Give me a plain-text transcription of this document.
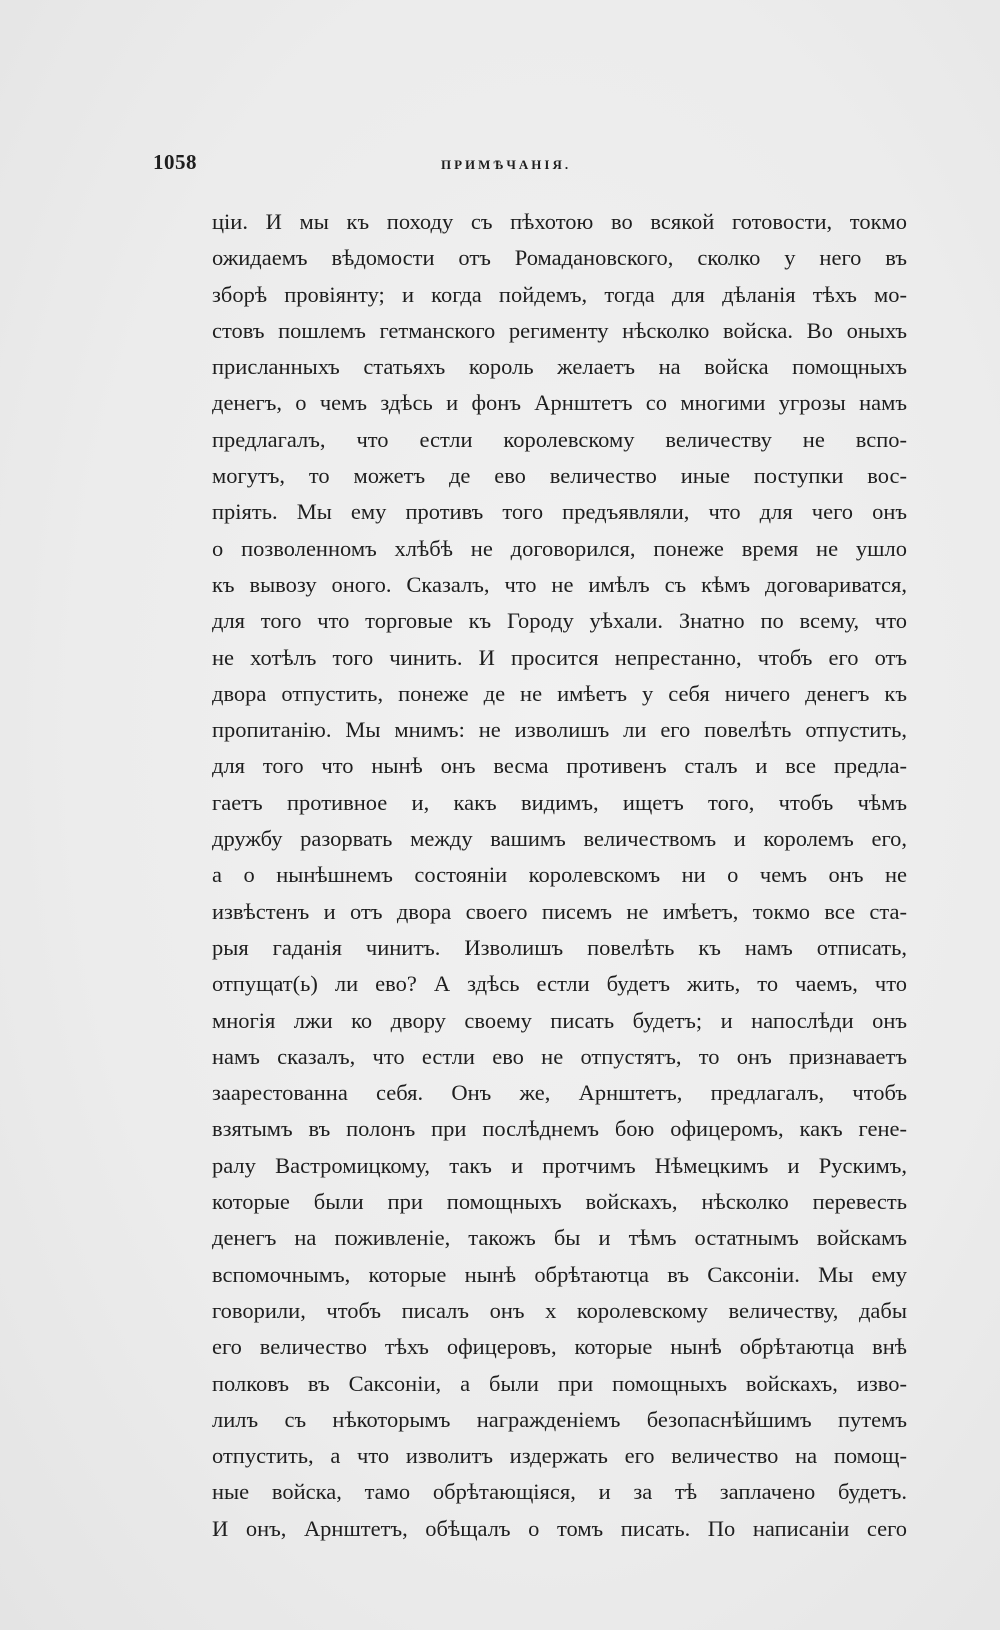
1058	ПРИМѢЧАНІЯ.
ціи. И мы къ походу съ пѣхотою во всякой готовости, токмо
ожидаемъ вѣдомости отъ Ромадановского, сколко у него въ
зборѣ провіянту; и когда пойдемъ, тогда для дѣланія тѣхъ мо-
стовъ пошлемъ гетманского регименту нѣсколко войска. Во оныхъ
присланныхъ статьяхъ король желаетъ на войска помощныхъ
денегъ, о чемъ здѣсь и фонъ Арнштетъ со многими угрозы намъ
предлагалъ, что естли королевскому величеству не вспо-
могутъ, то можетъ де ево величество иные поступки вос-
пріять. Мы ему противъ того предъявляли, что для чего онъ
о позволенномъ хлѣбѣ не договорился, понеже время не ушло
къ вывозу оного. Сказалъ, что не имѣлъ съ кѣмъ договариватся,
для того что торговые къ Городу уѣхали. Знатно по всему, что
не хотѣлъ того чинить. И просится непрестанно, чтобъ его отъ
двора отпустить, понеже де не имѣетъ у себя ничего денегъ къ
пропитанію. Мы мнимъ: не изволишъ ли его повелѣть отпустить,
для того что нынѣ онъ весма противенъ сталъ и все предла-
гаетъ противное и, какъ видимъ, ищетъ того, чтобъ чѣмъ
дружбу разорвать между вашимъ величествомъ и королемъ его,
а о нынѣшнемъ состояніи королевскомъ ни о чемъ онъ не
извѣстенъ и отъ двора своего писемъ не имѣетъ, токмо все ста-
рыя гаданія чинитъ. Изволишъ повелѣть къ намъ отписать,
отпущат(ь) ли ево? А здѣсь естли будетъ жить, то чаемъ, что
многія лжи ко двору своему писать будетъ; и напослѣди онъ
намъ сказалъ, что естли ево не отпустятъ, то онъ признаваетъ
заарестованна себя. Онъ же, Арнштетъ, предлагалъ, чтобъ
взятымъ въ полонъ при послѣднемъ бою офицеромъ, какъ гене-
ралу Вастромицкому, такъ и протчимъ Нѣмецкимъ и Рускимъ,
которые были при помощныхъ войскахъ, нѣсколко перевесть
денегъ на поживленіе, такожъ бы и тѣмъ остатнымъ войскамъ
вспомочнымъ, которые нынѣ обрѣтаютца въ Саксоніи. Мы ему
говорили, чтобъ писалъ онъ х королевскому величеству, дабы
его величество тѣхъ офицеровъ, которые нынѣ обрѣтаютца внѣ
полковъ въ Саксоніи, а были при помощныхъ войскахъ, изво-
лилъ съ нѣкоторымъ награжденіемъ безопаснѣйшимъ путемъ
отпустить, а что изволитъ издержать его величество на помощ-
ные войска, тамо обрѣтающіяся, и за тѣ заплачено будетъ.
И онъ, Арнштетъ, обѣщалъ о томъ писать. По написаніи сего
